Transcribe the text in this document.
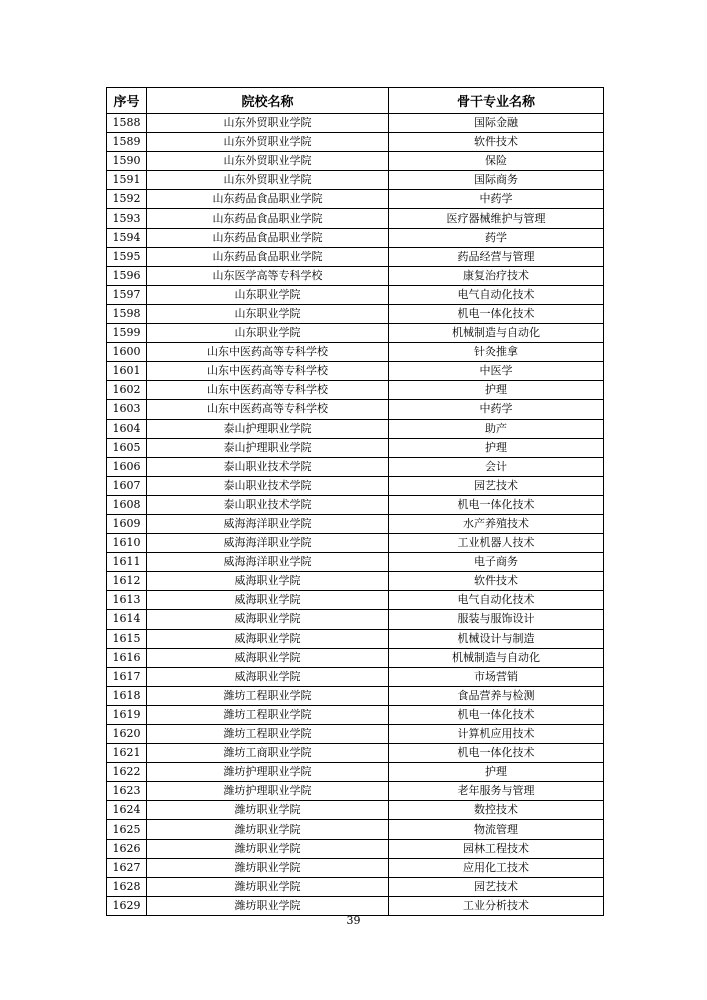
序号	院校名称	骨干专业名称
1588	山东外贸职业学院	国际金融
1589	山东外贸职业学院	软件技术
1590	山东外贸职业学院	保险
1591	山东外贸职业学院	国际商务
1592	山东药品食品职业学院	中药学
1593	山东药品食品职业学院	医疗器械维护与管理
1594	山东药品食品职业学院	药学
1595	山东药品食品职业学院	药品经营与管理
1596	山东医学高等专科学校	康复治疗技术
1597	山东职业学院	电气自动化技术
1598	山东职业学院	机电一体化技术
1599	山东职业学院	机械制造与自动化
1600	山东中医药高等专科学校	针灸推拿
1601	山东中医药高等专科学校	中医学
1602	山东中医药高等专科学校	护理
1603	山东中医药高等专科学校	中药学
1604	泰山护理职业学院	助产
1605	泰山护理职业学院	护理
1606	泰山职业技术学院	会计
1607	泰山职业技术学院	园艺技术
1608	泰山职业技术学院	机电一体化技术
1609	威海海洋职业学院	水产养殖技术
1610	威海海洋职业学院	工业机器人技术
1611	威海海洋职业学院	电子商务
1612	威海职业学院	软件技术
1613	威海职业学院	电气自动化技术
1614	威海职业学院	服装与服饰设计
1615	威海职业学院	机械设计与制造
1616	威海职业学院	机械制造与自动化
1617	威海职业学院	市场营销
1618	潍坊工程职业学院	食品营养与检测
1619	潍坊工程职业学院	机电一体化技术
1620	潍坊工程职业学院	计算机应用技术
1621	潍坊工商职业学院	机电一体化技术
1622	潍坊护理职业学院	护理
1623	潍坊护理职业学院	老年服务与管理
1624	潍坊职业学院	数控技术
1625	潍坊职业学院	物流管理
1626	潍坊职业学院	园林工程技术
1627	潍坊职业学院	应用化工技术
1628	潍坊职业学院	园艺技术
1629	潍坊职业学院	工业分析技术
39
